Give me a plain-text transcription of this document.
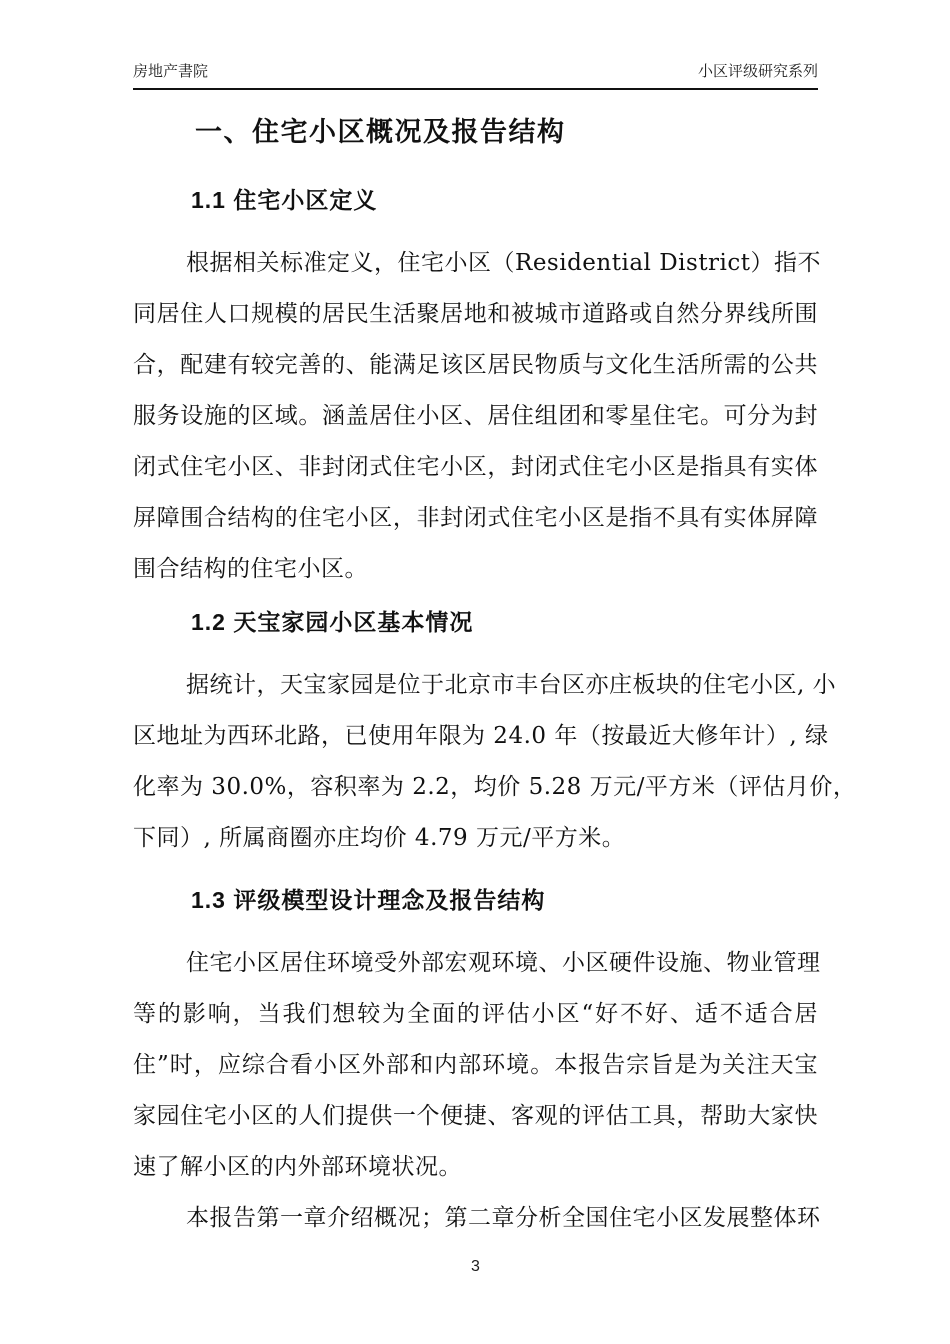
房地产書院	小区评级研究系列
一、住宅小区概况及报告结构
1.1 住宅小区定义
根据相关标准定义，住宅小区（Residential District）指不
同居住人口规模的居民生活聚居地和被城市道路或自然分界线所围
合，配建有较完善的、能满足该区居民物质与文化生活所需的公共
服务设施的区域。涵盖居住小区、居住组团和零星住宅。可分为封
闭式住宅小区、非封闭式住宅小区，封闭式住宅小区是指具有实体
屏障围合结构的住宅小区，非封闭式住宅小区是指不具有实体屏障
围合结构的住宅小区。
1.2 天宝家园小区基本情况
据统计，天宝家园是位于北京市丰台区亦庄板块的住宅小区, 小
区地址为西环北路，已使用年限为 24.0 年（按最近大修年计）, 绿
化率为 30.0%，容积率为 2.2，均价 5.28 万元/平方米（评估月价，
下同）, 所属商圈亦庄均价 4.79 万元/平方米。
1.3 评级模型设计理念及报告结构
住宅小区居住环境受外部宏观环境、小区硬件设施、物业管理
等的影响，当我们想较为全面的评估小区“好不好、适不适合居
住”时，应综合看小区外部和内部环境。本报告宗旨是为关注天宝
家园住宅小区的人们提供一个便捷、客观的评估工具，帮助大家快
速了解小区的内外部环境状况。
本报告第一章介绍概况；第二章分析全国住宅小区发展整体环
3
